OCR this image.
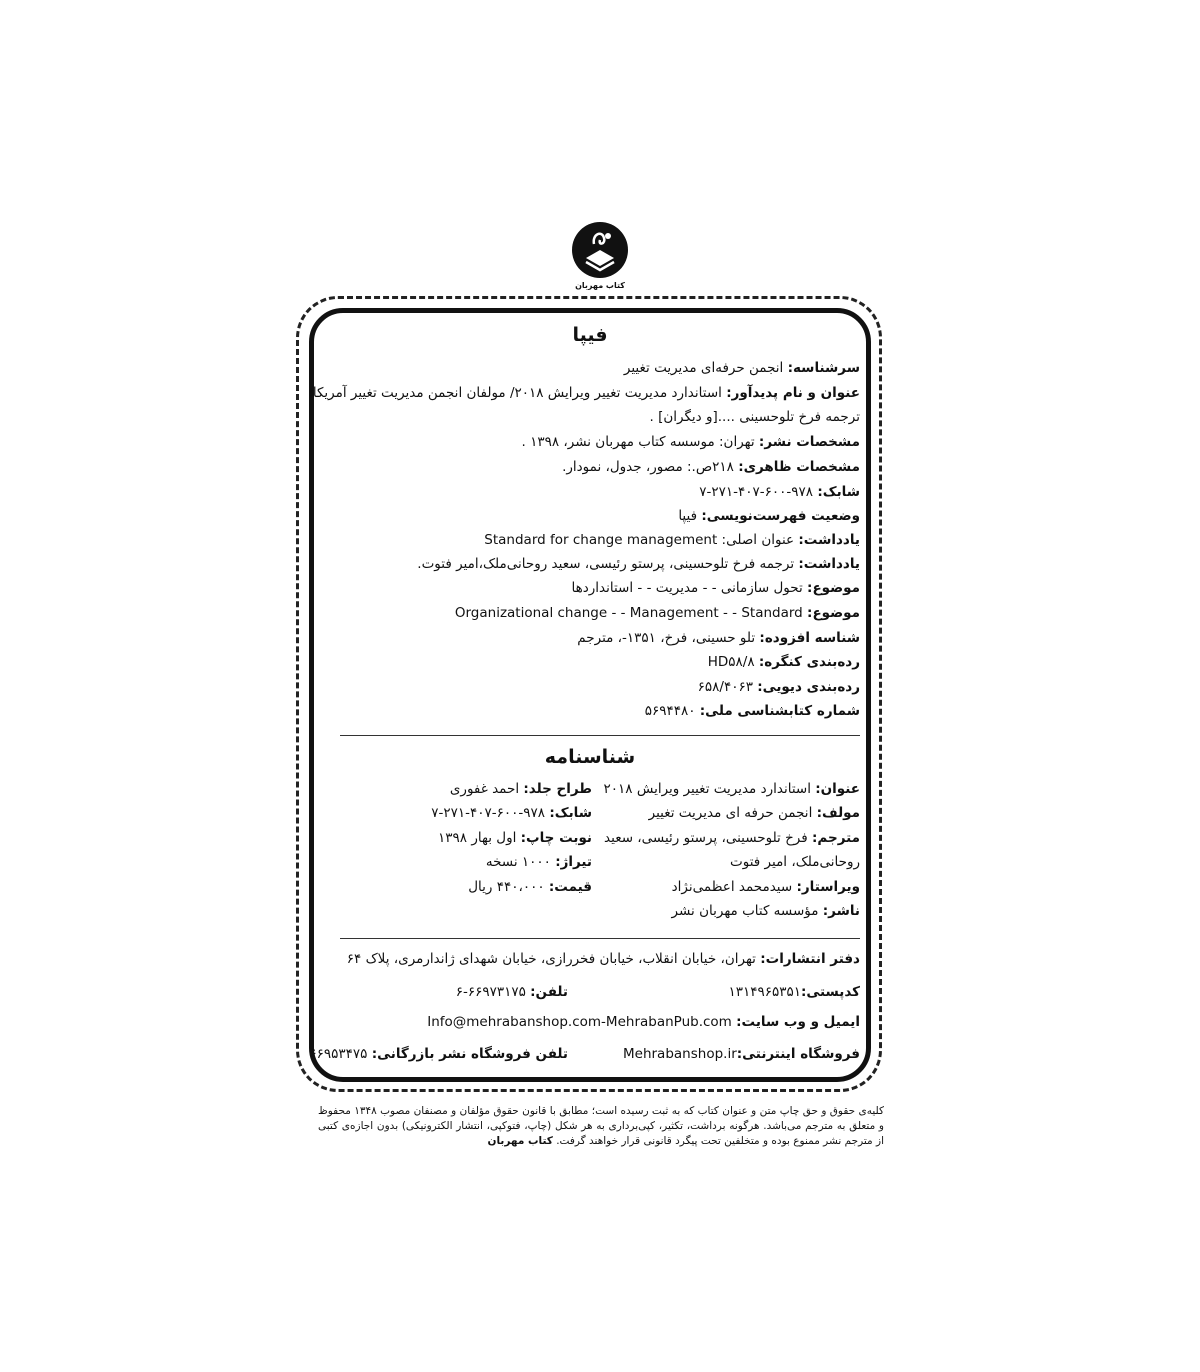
کتاب مهربان
فیپا
سرشناسه: انجمن حرفه‌ای مدیریت تغییر
عنوان و نام پدیدآور: استاندارد مدیریت تغییر ویرایش ۲۰۱۸/ مولفان انجمن مدیریت تغییر آمریکا؛
ترجمه فرخ تلوحسینی ....[و دیگران] .
مشخصات نشر: تهران: موسسه کتاب مهربان نشر، ۱۳۹۸ .
مشخصات ظاهری: ۲۱۸ص.: مصور، جدول، نمودار.
شابک: ۹۷۸-۶۰۰-۴۰۷-۲۷۱-۷
وضعیت فهرست‌نویسی: فیپا
یادداشت: عنوان اصلی: Standard for change management
یادداشت: ترجمه فرخ تلوحسینی، پرستو رئیسی، سعید روحانی‌ملک،امیر فتوت.
موضوع: تحول سازمانی - - مدیریت - - استانداردها
موضوع: Organizational change - - Management - - Standard
شناسه افزوده: تلو حسینی، فرخ، ۱۳۵۱-، مترجم
رده‌بندی کنگره: HD۵۸/۸
رده‌بندی دیویی: ۶۵۸/۴۰۶۳
شماره کتابشناسی ملی: ۵۶۹۴۴۸۰
شناسنامه
عنوان: استاندارد مدیریت تغییر ویرایش ۲۰۱۸
مولف: انجمن حرفه ای مدیریت تغییر
مترجم: فرخ تلوحسینی، پرستو رئیسی، سعید
روحانی‌ملک، امیر فتوت
ویراستار: سیدمحمد اعظمی‌نژاد
ناشر: مؤسسه کتاب مهربان نشر
طراح جلد: احمد غفوری
شابک: ۹۷۸-۶۰۰-۴۰۷-۲۷۱-۷
نوبت چاپ: اول بهار ۱۳۹۸
تیراژ: ۱۰۰۰ نسخه
قیمت: ۴۴۰،۰۰۰ ریال
دفتر انتشارات: تهران، خیابان انقلاب، خیابان فخررازی، خیابان شهدای ژاندارمری، پلاک ۶۴
کدپستی:۱۳۱۴۹۶۵۳۵۱
تلفن: ۶۶۹۷۳۱۷۵-۶
ایمیل و وب سایت: Info@mehrabanshop.com-MehrabanPub.com
فروشگاه اینترنتی:Mehrabanshop.ir
تلفن فروشگاه نشر بازرگانی: ۶۶۹۵۳۴۷۵
کلیه‌ی حقوق و حق چاپ متن و عنوان کتاب که به ثبت رسیده است؛ مطابق با قانون حقوق مؤلفان و مصنفان مصوب ۱۳۴۸ محفوظ و متعلق به مترجم می‌باشد. هرگونه برداشت، تکثیر، کپی‌برداری به هر شکل (چاپ، فتوکپی، انتشار الکترونیکی) بدون اجازه‌ی کتبی از مترجم نشر ممنوع بوده و متخلفین تحت پیگرد قانونی قرار خواهند گرفت. کتاب مهربان
